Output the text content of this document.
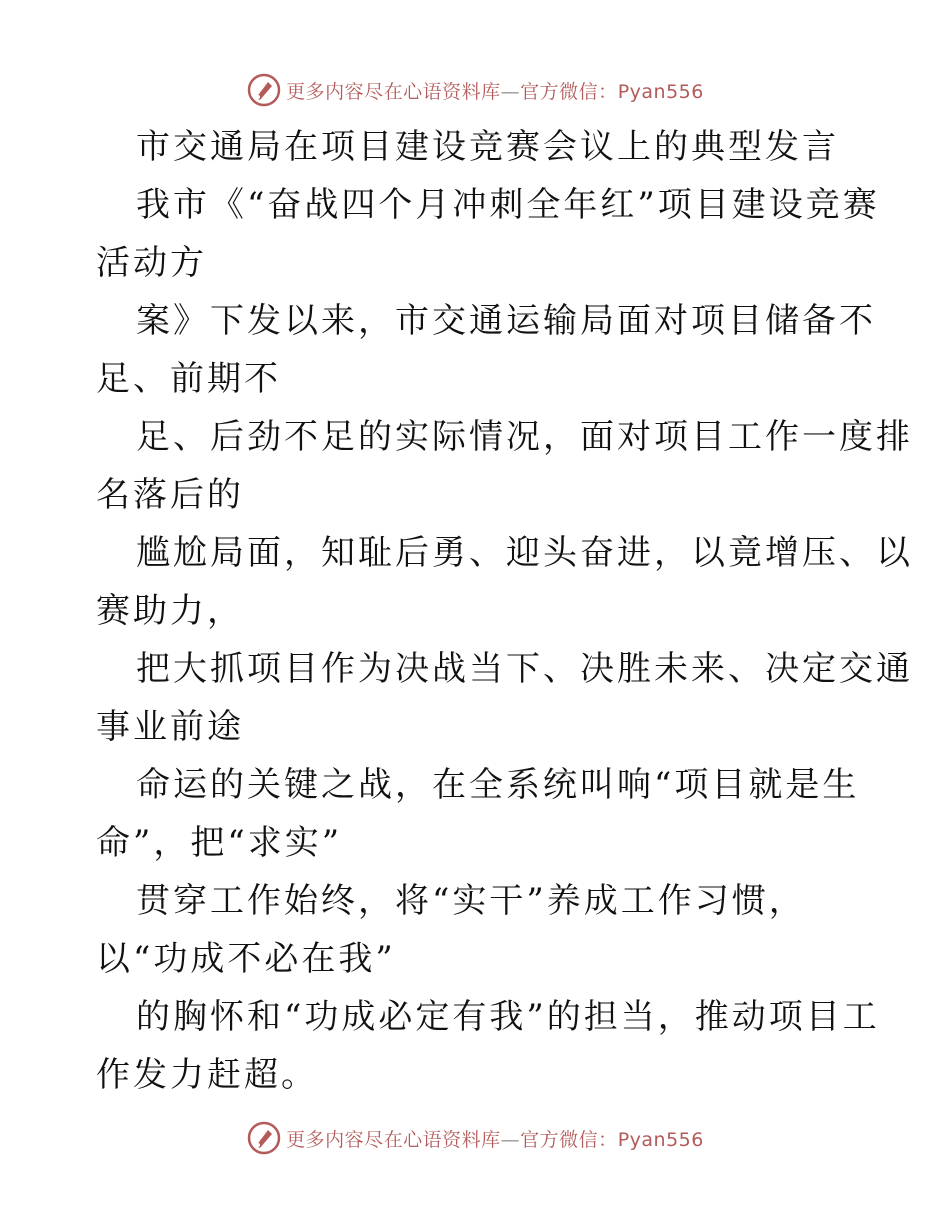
更多内容尽在心语资料库—官方微信：Pyan556
市交通局在项目建设竞赛会议上的典型发言
我市《“奋战四个月冲刺全年红”项目建设竞赛
活动方
案》下发以来，市交通运输局面对项目储备不
足、前期不
足、后劲不足的实际情况，面对项目工作一度排
名落后的
尴尬局面，知耻后勇、迎头奋进，以竟增压、以
赛助力，
把大抓项目作为决战当下、决胜未来、决定交通
事业前途
命运的关键之战，在全系统叫响“项目就是生
命”，把“求实”
贯穿工作始终，将“实干”养成工作习惯，
以“功成不必在我”
的胸怀和“功成必定有我”的担当，推动项目工
作发力赶超。
更多内容尽在心语资料库—官方微信：Pyan556
